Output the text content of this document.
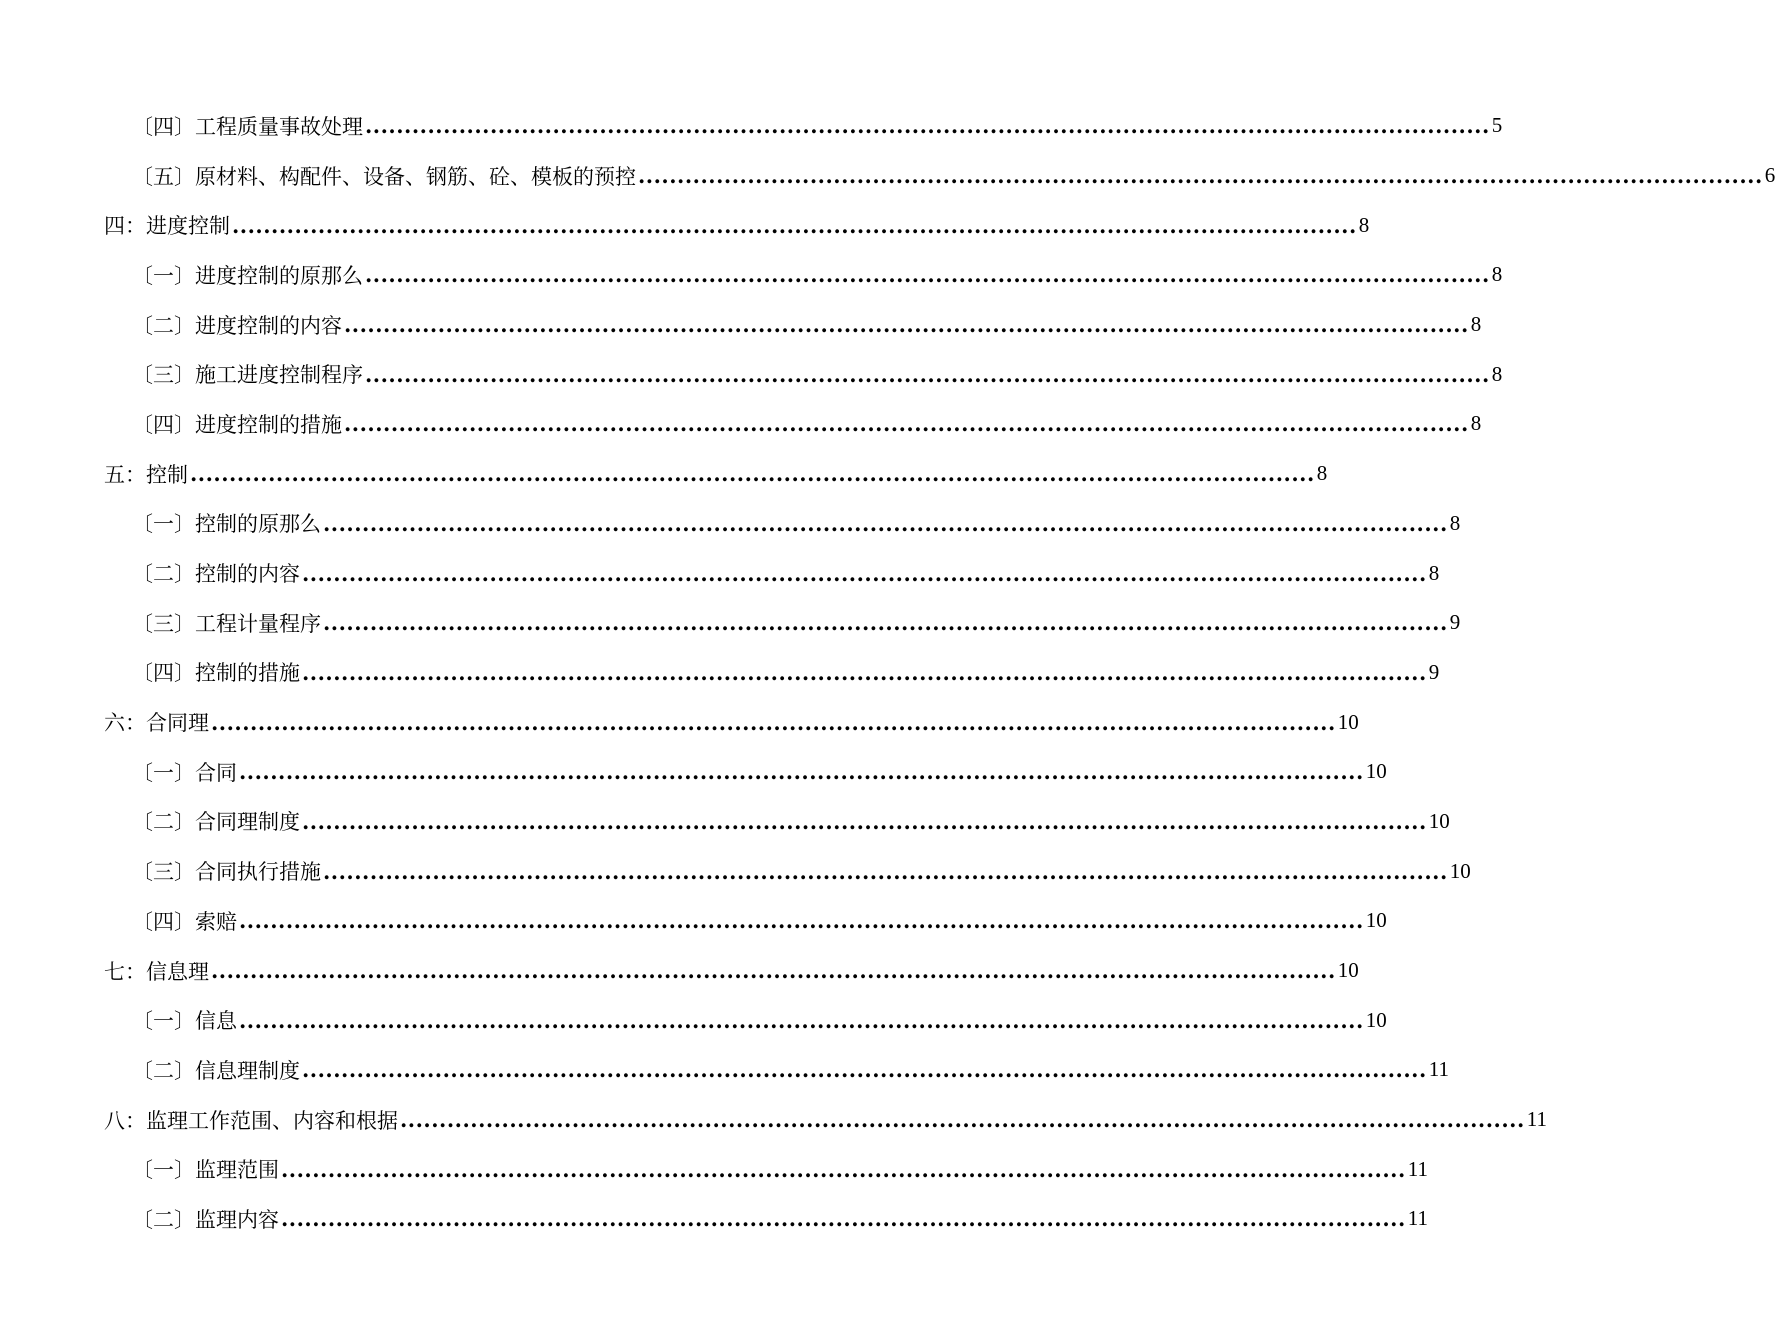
〔四〕工程质量事故处理 ................................................................................................................................................ 5
〔五〕原材料、构配件、设备、钢筋、砼、模板的预控 ................................................................................................................................................ 6
四：进度控制 ................................................................................................................................................ 8
〔一〕进度控制的原那么 ................................................................................................................................................ 8
〔二〕进度控制的内容 ................................................................................................................................................ 8
〔三〕施工进度控制程序 ................................................................................................................................................ 8
〔四〕进度控制的措施 ................................................................................................................................................ 8
五：控制 ................................................................................................................................................ 8
〔一〕控制的原那么 ................................................................................................................................................ 8
〔二〕控制的内容 ................................................................................................................................................ 8
〔三〕工程计量程序 ................................................................................................................................................ 9
〔四〕控制的措施 ................................................................................................................................................ 9
六：合同理 ................................................................................................................................................ 10
〔一〕合同 ................................................................................................................................................ 10
〔二〕合同理制度 ................................................................................................................................................ 10
〔三〕合同执行措施 ................................................................................................................................................ 10
〔四〕索赔 ................................................................................................................................................ 10
七：信息理 ................................................................................................................................................ 10
〔一〕信息 ................................................................................................................................................ 10
〔二〕信息理制度 ................................................................................................................................................ 11
八：监理工作范围、内容和根据 ................................................................................................................................................ 11
〔一〕监理范围 ................................................................................................................................................ 11
〔二〕监理内容 ................................................................................................................................................ 11
